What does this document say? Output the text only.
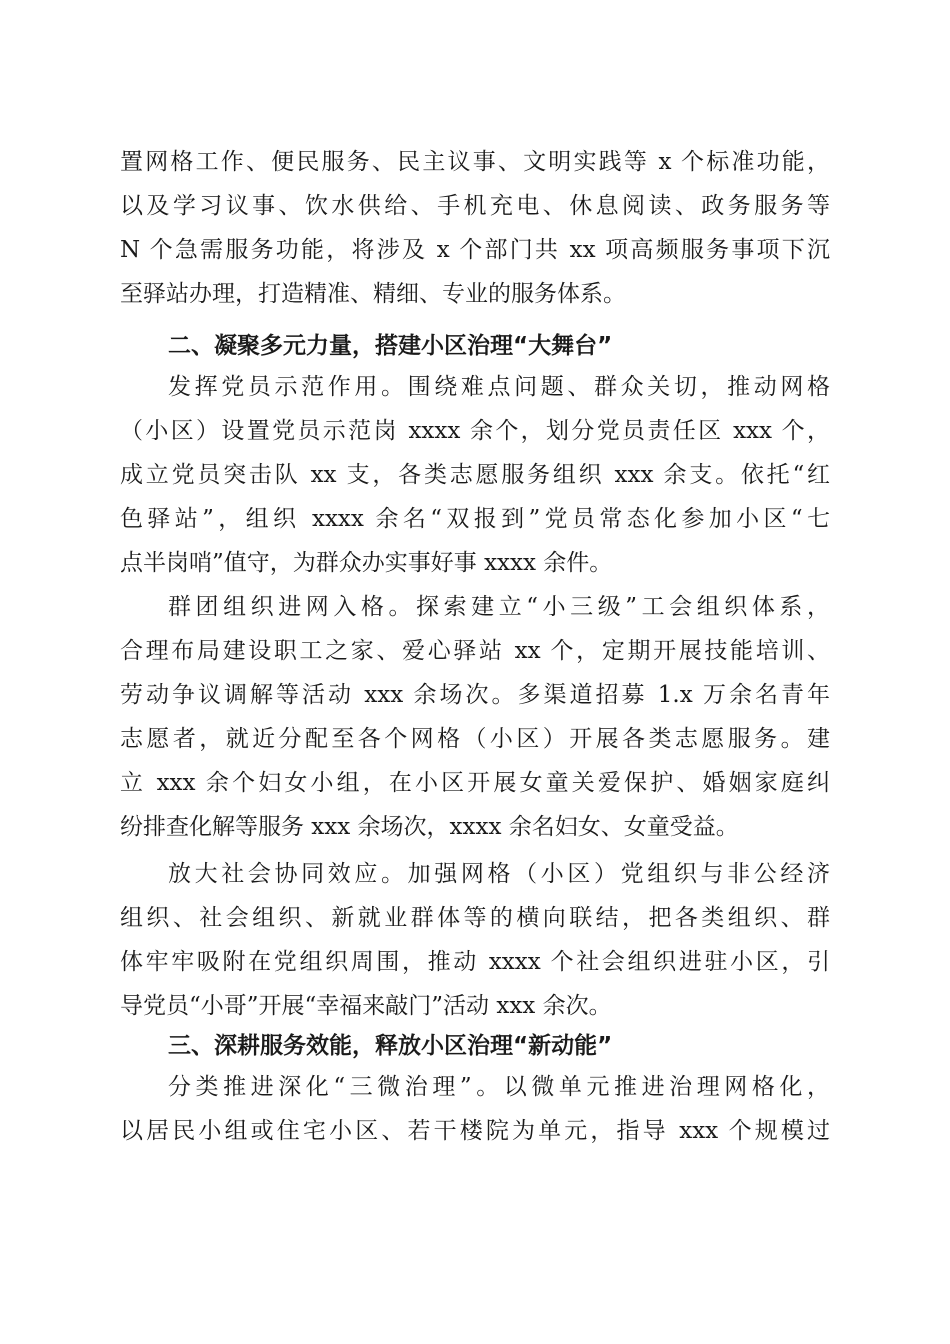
置网格工作、便民服务、民主议事、文明实践等 x 个标准功能，
以及学习议事、饮水供给、手机充电、休息阅读、政务服务等
N 个急需服务功能，将涉及 x 个部门共 xx 项高频服务事项下沉
至驿站办理，打造精准、精细、专业的服务体系。
二、凝聚多元力量，搭建小区治理“大舞台”
发挥党员示范作用。围绕难点问题、群众关切，推动网格
（小区）设置党员示范岗 xxxx 余个，划分党员责任区 xxx 个，
成立党员突击队 xx 支，各类志愿服务组织 xxx 余支。依托“红
色驿站”，组织 xxxx 余名“双报到”党员常态化参加小区“七
点半岗哨”值守，为群众办实事好事 xxxx 余件。
群团组织进网入格。探索建立“小三级”工会组织体系，
合理布局建设职工之家、爱心驿站 xx 个，定期开展技能培训、
劳动争议调解等活动 xxx 余场次。多渠道招募 1.x 万余名青年
志愿者，就近分配至各个网格（小区）开展各类志愿服务。建
立 xxx 余个妇女小组，在小区开展女童关爱保护、婚姻家庭纠
纷排查化解等服务 xxx 余场次，xxxx 余名妇女、女童受益。
放大社会协同效应。加强网格（小区）党组织与非公经济
组织、社会组织、新就业群体等的横向联结，把各类组织、群
体牢牢吸附在党组织周围，推动 xxxx 个社会组织进驻小区，引
导党员“小哥”开展“幸福来敲门”活动 xxx 余次。
三、深耕服务效能，释放小区治理“新动能”
分类推进深化“三微治理”。以微单元推进治理网格化，
以居民小组或住宅小区、若干楼院为单元，指导 xxx 个规模过
